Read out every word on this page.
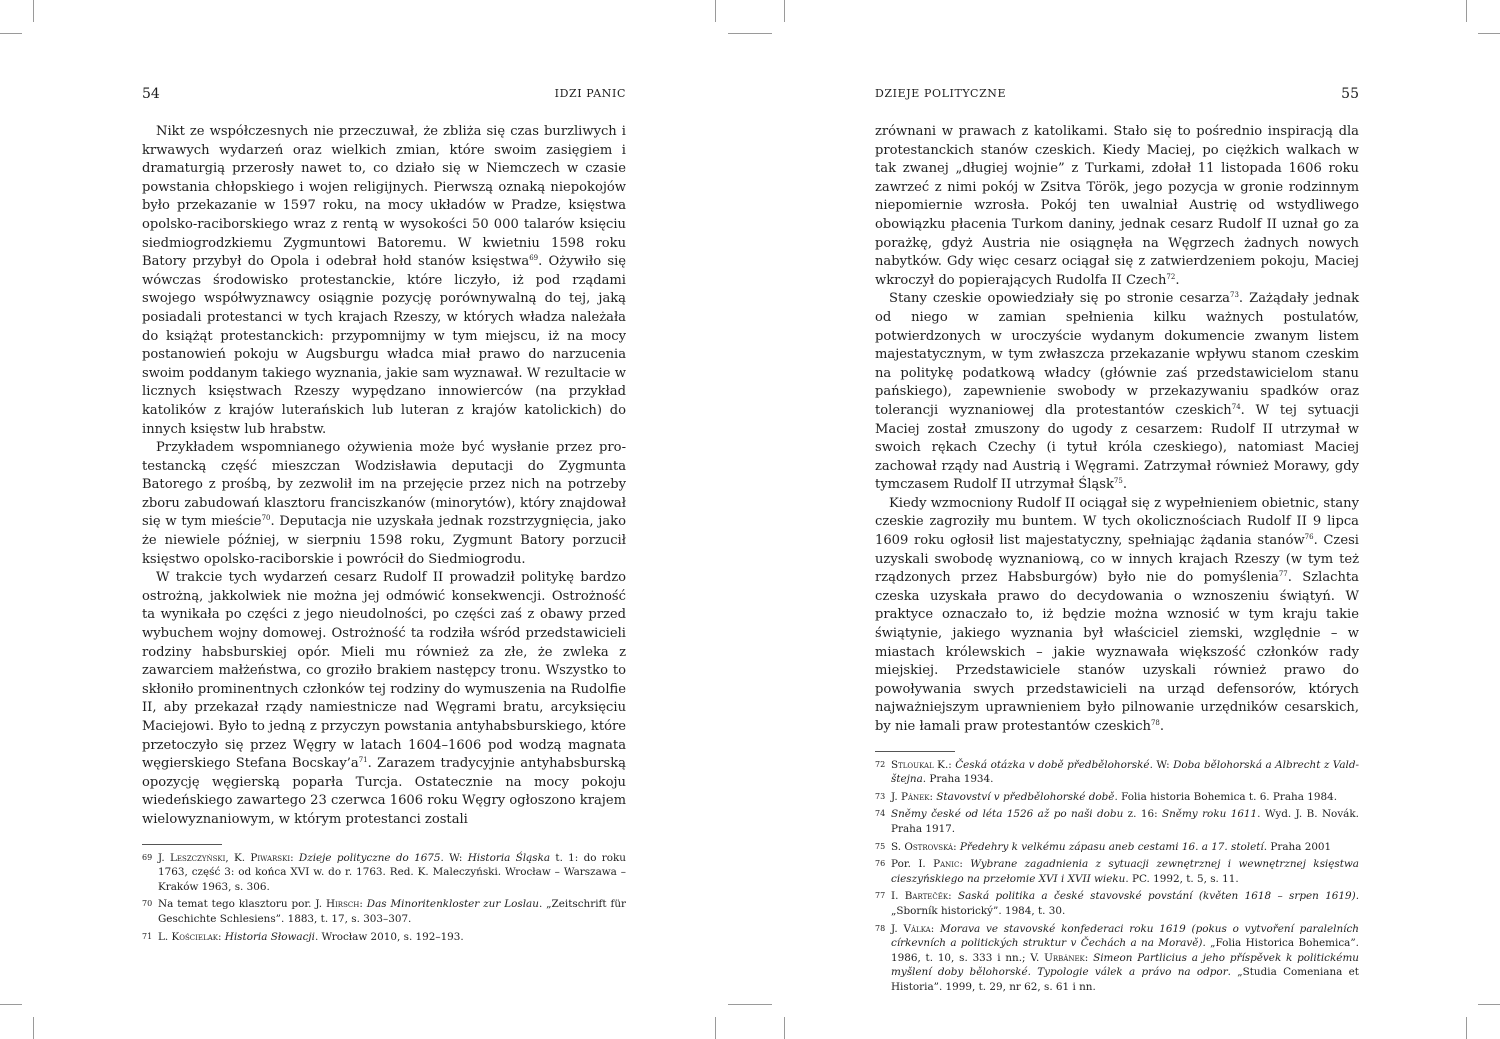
54	IDZI PANIC

Nikt ze współczesnych nie przeczuwał, że zbliża się czas burzliwych i krwawych wydarzeń oraz wielkich zmian, które swoim zasięgiem i dramaturgią przerosły nawet to, co działo się w Niemczech w czasie powstania chłopskiego i wojen religijnych. Pierwszą oznaką niepokojów było przekazanie w 1597 roku, na mocy układów w Pradze, księstwa opolsko-raciborskiego wraz z rentą w wysokości 50 000 talarów księciu siedmiogrodzkiemu Zygmuntowi Batoremu. W kwietniu 1598 roku Batory przybył do Opola i odebrał hołd stanów księstwa$^{69}$. Ożywiło się wówczas środowisko protestanckie, które liczyło, iż pod rządami swojego współwyznawcy osiągnie pozycję porównywalną do tej, jaką posiadali protestanci w tych krajach Rzeszy, w których władza należała do książąt protestanckich: przypomnijmy w tym miejscu, iż na mocy postanowień pokoju w Augsburgu władca miał prawo do narzucenia swoim poddanym takiego wyznania, jakie sam wyznawał. W rezultacie w licznych księstwach Rzeszy wypędzano innowierców (na przykład katolików z krajów luterańskich lub luteran z krajów katolickich) do innych księstw lub hrabstw.

Przykładem wspomnianego ożywienia może być wysłanie przez protestancką część mieszczan Wodzisławia deputacji do Zygmunta Batorego z prośbą, by zezwolił im na przejęcie przez nich na potrzeby zboru zabudowań klasztoru franciszkanów (minorytów), który znajdował się w tym mieście$^{70}$. Deputacja nie uzyskała jednak rozstrzygnięcia, jako że niewiele później, w sierpniu 1598 roku, Zygmunt Batory porzucił księstwo opolsko-raciborskie i powrócił do Siedmiogrodu.

W trakcie tych wydarzeń cesarz Rudolf II prowadził politykę bardzo ostrożną, jakkolwiek nie można jej odmówić konsekwencji. Ostrożność ta wynikała po części z jego nieudolności, po części zaś z obawy przed wybuchem wojny domowej. Ostrożność ta rodziła wśród przedstawicieli rodziny habsburskiej opór. Mieli mu również za złe, że zwleka z zawarciem małżeństwa, co groziło brakiem następcy tronu. Wszystko to skłoniło prominentnych członków tej rodziny do wymuszenia na Rudolfie II, aby przekazał rządy namiestnicze nad Węgrami bratu, arcyksięciu Maciejowi. Było to jedną z przyczyn powstania antyhabsburskiego, które przetoczyło się przez Węgry w latach 1604–1606 pod wodzą magnata węgierskiego Stefana $Bocskay’a^{71}$. Zarazem tradycyjnie antyhabsburską opozycję węgierską poparła Turcja. Ostatecznie na mocy pokoju wiedeńskiego zawartego 23 czerwca 1606 roku Węgry ogłoszono krajem wielowyznaniowym, w którym protestanci zostali

69 J. Leszczyński, K. Piwarski: Dzieje polityczne do 1675. W: Historia Śląska t. 1: do roku 1763, część 3: od końca XVI w. do r. 1763. Red. K. Maleczyński. Wrocław – Warszawa – Kraków 1963, s. 306.
70 Na temat tego klasztoru por. J. Hirsch: Das Minoritenkloster zur Loslau. „Zeitschrift für Geschichte Schlesiens”. 1883, t. 17, s. 303–307.
71 L. Kościelak: Historia Słowacji. Wrocław 2010, s. 192–193.
DZIEJE POLITYCZNE	55

zrównani w prawach z katolikami. Stało się to pośrednio inspiracją dla protestanckich stanów czeskich. Kiedy Maciej, po ciężkich walkach w tak zwanej „długiej wojnie” z Turkami, zdołał 11 listopada 1606 roku zawrzeć z nimi pokój w Zsitva Török, jego pozycja w gronie rodzinnym niepomiernie wzrosła. Pokój ten uwalniał Austrię od wstydliwego obowiązku płacenia Turkom daniny, jednak cesarz Rudolf II uznał go za porażkę, gdyż Austria nie osiągnęła na Węgrzech żadnych nowych nabytków. Gdy więc cesarz ociągał się z zatwierdzeniem pokoju, Maciej wkroczył do popierających Rudolfa II Czech$^{72}$.

Stany czeskie opowiedziały się po stronie cesarza$^{73}$. Zażądały jednak od niego w zamian spełnienia kilku ważnych postulatów, potwierdzonych w uroczyście wydanym dokumencie zwanym listem majestatycznym, w tym zwłaszcza przekazanie wpływu stanom czeskim na politykę podatkową władcy (głównie zaś przedstawicielom stanu pańskiego), zapewnienie swobody w przekazywaniu spadków oraz tolerancji wyznaniowej dla protestantów czeskich$^{74}$. W tej sytuacji Maciej został zmuszony do ugody z cesarzem: Rudolf II utrzymał w swoich rękach Czechy (i tytuł króla czeskiego), natomiast Maciej zachował rządy nad Austrią i Węgrami. Zatrzymał również Morawy, gdy tymczasem Rudolf II utrzymał Śląsk$^{75}$.

Kiedy wzmocniony Rudolf II ociągał się z wypełnieniem obietnic, stany czeskie zagroziły mu buntem. W tych okolicznościach Rudolf II 9 lipca 1609 roku ogłosił list majestatyczny, spełniając żądania stanów$^{76}$. Czesi uzyskali swobodę wyznaniową, co w innych krajach Rzeszy (w tym też rządzonych przez Habsburgów) było nie do pomyślenia$^{77}$. Szlachta czeska uzyskała prawo do decydowania o wznoszeniu świątyń. W praktyce oznaczało to, iż będzie można wznosić w tym kraju takie świątynie, jakiego wyznania był właściciel ziemski, względnie – w miastach królewskich – jakie wyznawała większość członków rady miejskiej. Przedstawiciele stanów uzyskali również prawo do powoływania swych przedstawicieli na urząd defensorów, których najważniejszym uprawnieniem było pilnowanie urzędników cesarskich, by nie łamali praw protestantów czeskich$^{78}$.

72 Stloukal K.: Česká otázka v době předbělohorské. W: Doba bělohorská a Albrecht z Valdštejna. Praha 1934.
73 J. Pánek: Stavovství v předbělohorské době. Folia historia Bohemica t. 6. Praha 1984.
74 Sněmy české od léta 1526 až po naši dobu z. 16: Sněmy roku 1611. Wyd. J. B. Novák. Praha 1917.
75 S. Ostrovská: Předehry k velkému zápasu aneb cestami 16. a 17. století. Praha 2001
76 Por. I. Panic: Wybrane zagadnienia z sytuacji zewnętrznej i wewnętrznej księstwa cieszyńskiego na przełomie XVI i XVII wieku. PC. 1992, t. 5, s. 11.
77 I. Bartečěk: Saská politika a české stavovské povstání (květen 1618 – srpen 1619). „Sborník historický”. 1984, t. 30.
78 J. Válka: Morava ve stavovské konfederaci roku 1619 (pokus o vytvoření paralelních církevních a politických struktur v Čechách a na Moravě). „Folia Historica Bohemica”. 1986, t. 10, s. 333 i nn.; V. Urbánek: Simeon Partlicius a jeho příspěvek k politickému myšlení doby bělohorské. Typologie válek a právo na odpor. „Studia Comeniana et Historia”. 1999, t. 29, nr 62, s. 61 i nn.
